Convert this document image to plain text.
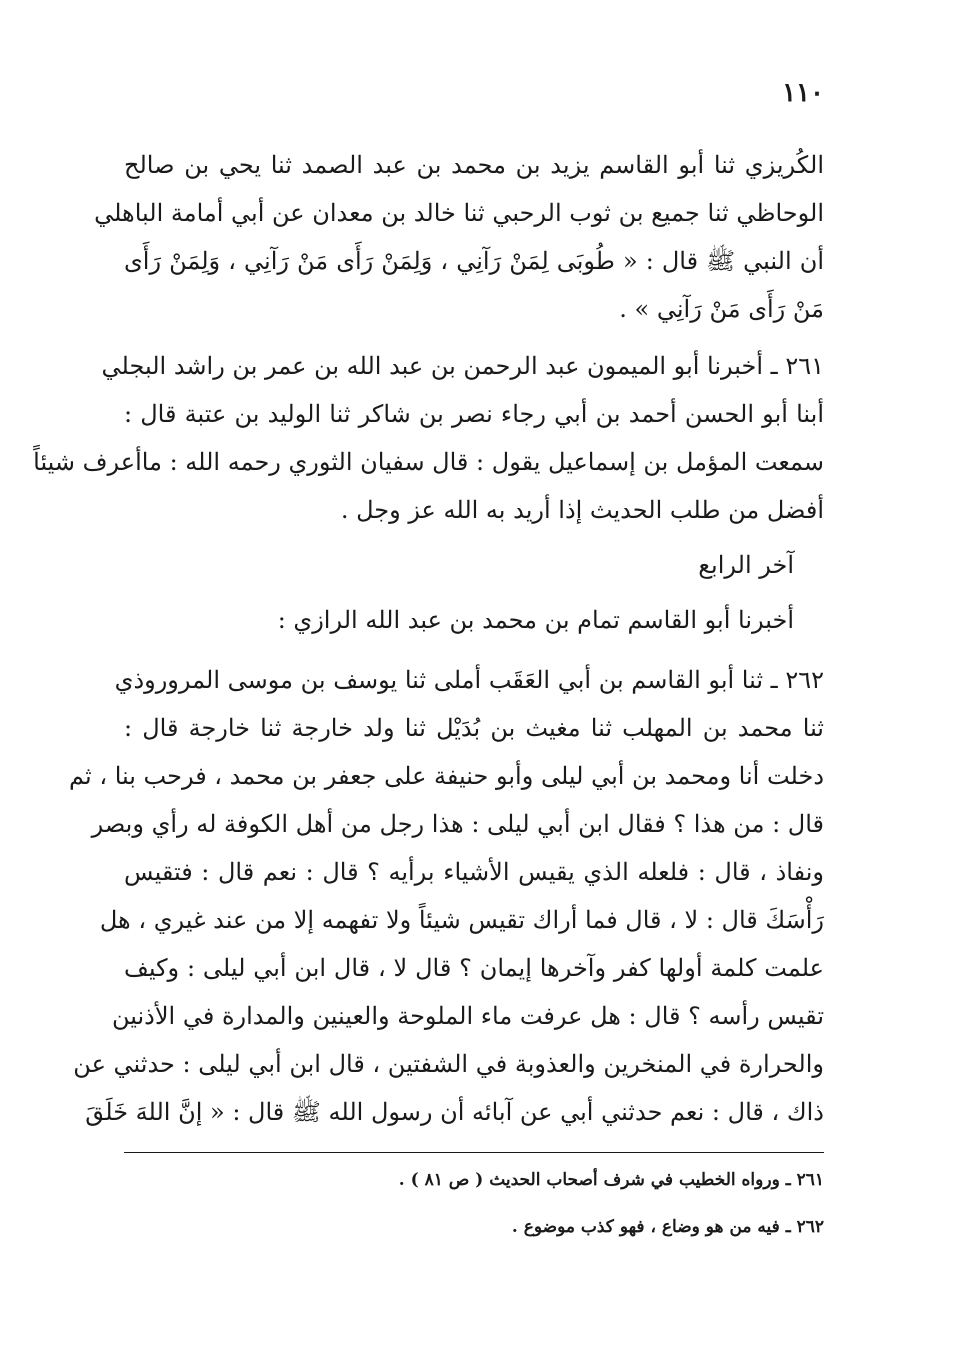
١١٠
الكُريزي ثنا أبو القاسم يزيد بن محمد بن عبد الصمد ثنا يحي بن صالح
الوحاظي ثنا جميع بن ثوب الرحبي ثنا خالد بن معدان عن أبي أمامة الباهلي
أن النبي ﷺ قال : « طُوبَى لِمَنْ رَآنِي ، وَلِمَنْ رَأَى مَنْ رَآنِي ، وَلِمَنْ رَأَى
مَنْ رَأَى مَنْ رَآنِي » .
٢٦١ ـ أخبرنا أبو الميمون عبد الرحمن بن عبد الله بن عمر بن راشد البجلي
أبنا أبو الحسن أحمد بن أبي رجاء نصر بن شاكر ثنا الوليد بن عتبة قال :
سمعت المؤمل بن إسماعيل يقول : قال سفيان الثوري رحمه الله : ماأعرف شيئاً
أفضل من طلب الحديث إذا أريد به الله عز وجل .
آخر الرابع
أخبرنا أبو القاسم تمام بن محمد بن عبد الله الرازي :
٢٦٢ ـ ثنا أبو القاسم بن أبي العَقَب أملى ثنا يوسف بن موسى المروروذي
ثنا محمد بن المهلب ثنا مغيث بن بُدَيْل ثنا ولد خارجة ثنا خارجة قال :
دخلت أنا ومحمد بن أبي ليلى وأبو حنيفة على جعفر بن محمد ، فرحب بنا ، ثم
قال : من هذا ؟ فقال ابن أبي ليلى : هذا رجل من أهل الكوفة له رأي وبصر
ونفاذ ، قال : فلعله الذي يقيس الأشياء برأيه ؟ قال : نعم قال : فتقيس
رَأْسَكَ قال : لا ، قال فما أراك تقيس شيئاً ولا تفهمه إلا من عند غيري ، هل
علمت كلمة أولها كفر وآخرها إيمان ؟ قال لا ، قال ابن أبي ليلى : وكيف
تقيس رأسه ؟ قال : هل عرفت ماء الملوحة والعينين والمدارة في الأذنين
والحرارة في المنخرين والعذوبة في الشفتين ، قال ابن أبي ليلى : حدثني عن
ذاك ، قال : نعم حدثني أبي عن آبائه أن رسول الله ﷺ قال : « إنَّ اللهَ خَلَقَ
٢٦١ ـ ورواه الخطيب في شرف أصحاب الحديث ( ص ٨١ ) .
٢٦٢ ـ فيه من هو وضاع ، فهو كذب موضوع .
